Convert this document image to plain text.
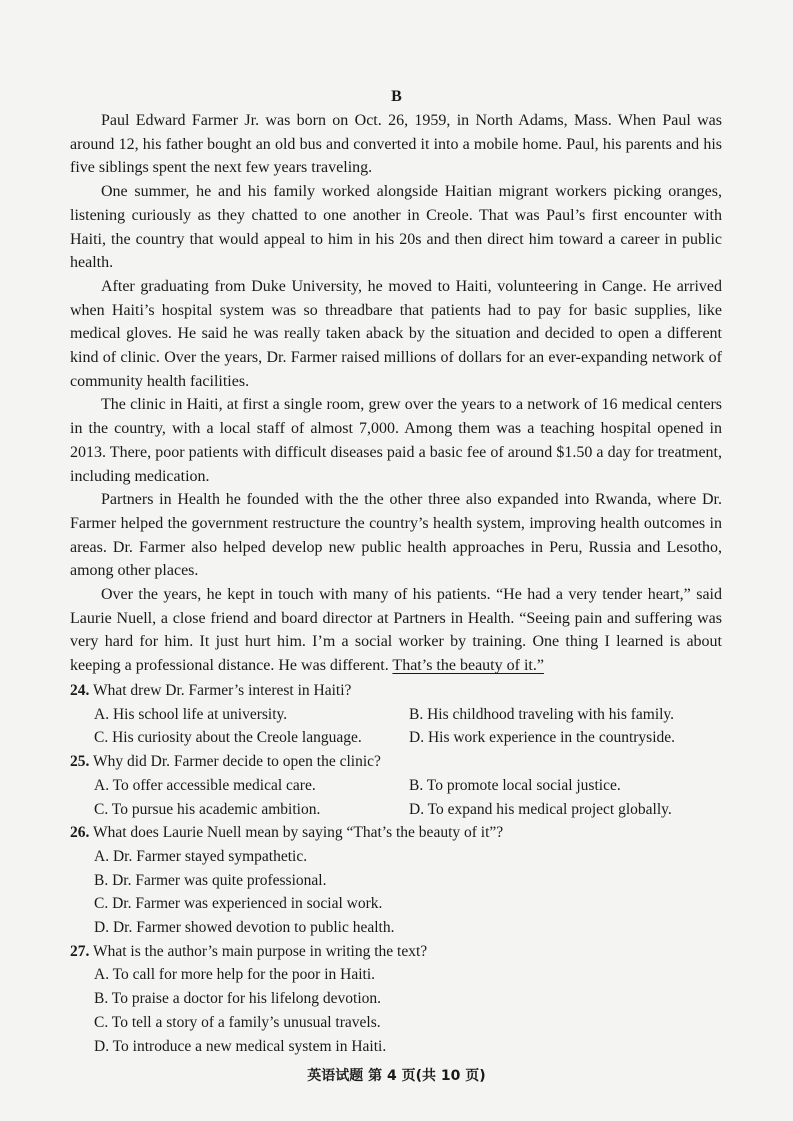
B

Paul Edward Farmer Jr. was born on Oct. 26, 1959, in North Adams, Mass. When Paul was around 12, his father bought an old bus and converted it into a mobile home. Paul, his parents and his five siblings spent the next few years traveling.

One summer, he and his family worked alongside Haitian migrant workers picking oranges, listening curiously as they chatted to one another in Creole. That was Paul’s first encounter with Haiti, the country that would appeal to him in his 20s and then direct him toward a career in public health.

After graduating from Duke University, he moved to Haiti, volunteering in Cange. He arrived when Haiti’s hospital system was so threadbare that patients had to pay for basic supplies, like medical gloves. He said he was really taken aback by the situation and decided to open a different kind of clinic. Over the years, Dr. Farmer raised millions of dollars for an ever-expanding network of community health facilities.

The clinic in Haiti, at first a single room, grew over the years to a network of 16 medical centers in the country, with a local staff of almost 7,000. Among them was a teaching hospital opened in 2013. There, poor patients with difficult diseases paid a basic fee of around $1.50 a day for treatment, including medication.

Partners in Health he founded with the the other three also expanded into Rwanda, where Dr. Farmer helped the government restructure the country’s health system, improving health outcomes in areas. Dr. Farmer also helped develop new public health approaches in Peru, Russia and Lesotho, among other places.

Over the years, he kept in touch with many of his patients. “He had a very tender heart,” said Laurie Nuell, a close friend and board director at Partners in Health. “Seeing pain and suffering was very hard for him. It just hurt him. I’m a social worker by training. One thing I learned is about keeping a professional distance. He was different. That’s the beauty of it.”

24. What drew Dr. Farmer’s interest in Haiti?
A. His school life at university.	B. His childhood traveling with his family.
C. His curiosity about the Creole language.	D. His work experience in the countryside.
25. Why did Dr. Farmer decide to open the clinic?
A. To offer accessible medical care.	B. To promote local social justice.
C. To pursue his academic ambition.	D. To expand his medical project globally.
26. What does Laurie Nuell mean by saying “That’s the beauty of it”?
A. Dr. Farmer stayed sympathetic.
B. Dr. Farmer was quite professional.
C. Dr. Farmer was experienced in social work.
D. Dr. Farmer showed devotion to public health.
27. What is the author’s main purpose in writing the text?
A. To call for more help for the poor in Haiti.
B. To praise a doctor for his lifelong devotion.
C. To tell a story of a family’s unusual travels.
D. To introduce a new medical system in Haiti.
英语试题 第 4 页(共 10 页)
